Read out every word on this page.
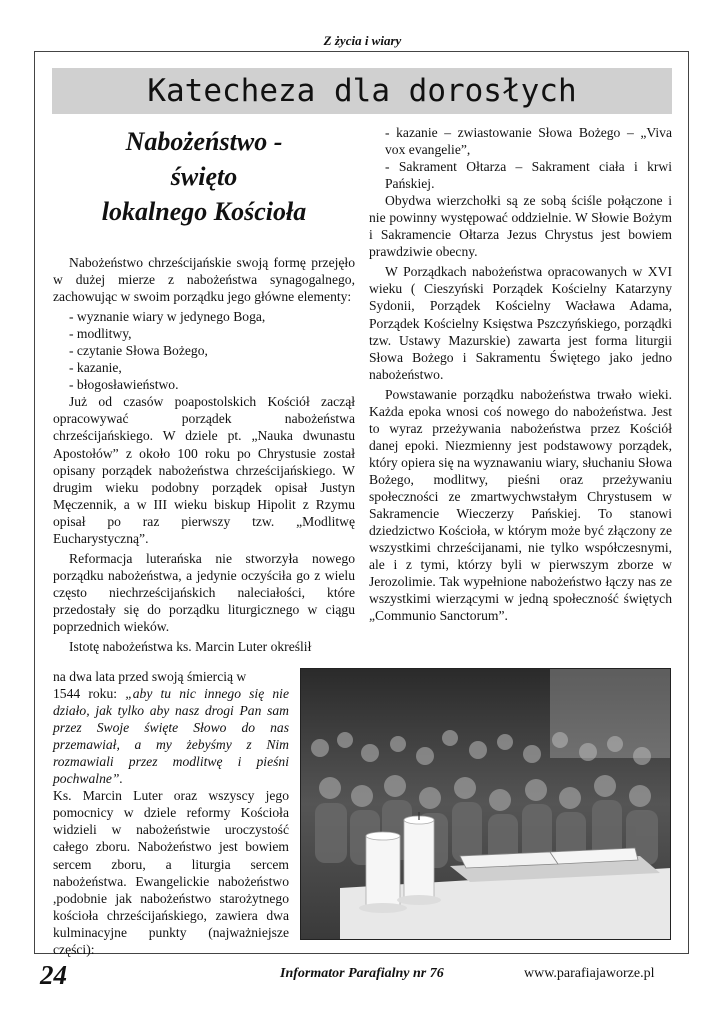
Z życia i wiary
Katecheza dla dorosłych
Nabożeństwo -
święto
lokalnego Kościoła

Nabożeństwo chrześcijańskie swoją formę przejęło w dużej mierze z nabożeństwa synagogalnego, zachowując w swoim porządku jego główne elementy:

- wyznanie wiary w jedynego Boga,

- modlitwy,

- czytanie Słowa Bożego,

- kazanie,

- błogosławieństwo.

Już od czasów poapostolskich Kościół zaczął opracowywać porządek nabożeństwa chrześcijańskiego. W dziele pt. „Nauka dwunastu Apostołów” z około 100 roku po Chrystusie został opisany porządek nabożeństwa chrześcijańskiego. W drugim wieku podobny porządek opisał Justyn Męczennik, a w III wieku biskup Hipolit z Rzymu opisał po raz pierwszy tzw. „Modlitwę Eucharystyczną”.

Reformacja luterańska nie stworzyła nowego porządku nabożeństwa, a jedynie oczyściła go z wielu często niechrześcijańskich naleciałości, które przedostały się do porządku liturgicznego w ciągu poprzednich wieków.

Istotę nabożeństwa ks. Marcin Luter określił

na dwa lata przed swoją śmiercią w

1544 roku: „aby tu nic innego się nie działo, jak tylko aby nasz drogi Pan sam przez Swoje święte Słowo do nas przemawiał, a my żebyśmy z Nim rozmawiali przez modlitwę i pieśni pochwalne”.

Ks. Marcin Luter oraz wszyscy jego pomocnicy w dziele reformy Kościoła widzieli w nabożeństwie uroczystość całego zboru. Nabożeństwo jest bowiem sercem zboru, a liturgia sercem nabożeństwa. Ewangelickie nabożeństwo ,podobnie jak nabożeństwo starożytnego kościoła chrześcijańskiego, zawiera dwa kulminacyjne punkty (najważniejsze części):

- kazanie – zwiastowanie Słowa Bożego – „Viva vox evangelie”,

- Sakrament Ołtarza – Sakrament ciała i krwi Pańskiej.

Obydwa wierzchołki są ze sobą ściśle połączone i nie powinny występować oddzielnie. W Słowie Bożym i Sakramencie Ołtarza Jezus Chrystus jest bowiem prawdziwie obecny.

W Porządkach nabożeństwa opracowanych w XVI wieku ( Cieszyński Porządek Kościelny Katarzyny Sydonii, Porządek Kościelny Wacława Adama, Porządek Kościelny Księstwa Pszczyńskiego, porządki tzw. Ustawy Mazurskie) zawarta jest forma liturgii Słowa Bożego i Sakramentu Świętego jako jedno nabożeństwo.

Powstawanie porządku nabożeństwa trwało wieki. Każda epoka wnosi coś nowego do nabożeństwa. Jest to wyraz przeżywania nabożeństwa przez Kościół danej epoki. Niezmienny jest podstawowy porządek, który opiera się na wyznawaniu wiary, słuchaniu Słowa Bożego, modlitwy, pieśni oraz przeżywaniu społeczności ze zmartwychwstałym Chrystusem w Sakramencie Wieczerzy Pańskiej. To stanowi dziedzictwo Kościoła, w którym może być złączony ze wszystkimi chrześcijanami, nie tylko współczesnymi, ale i z tymi, którzy byli w pierwszym zborze w Jerozolimie. Tak wypełnione nabożeństwo łączy nas ze wszystkimi wierzącymi w jedną społeczność świętych „Communio Sanctorum”.

24	Informator Parafialny nr 76	www.parafiajaworze.pl
